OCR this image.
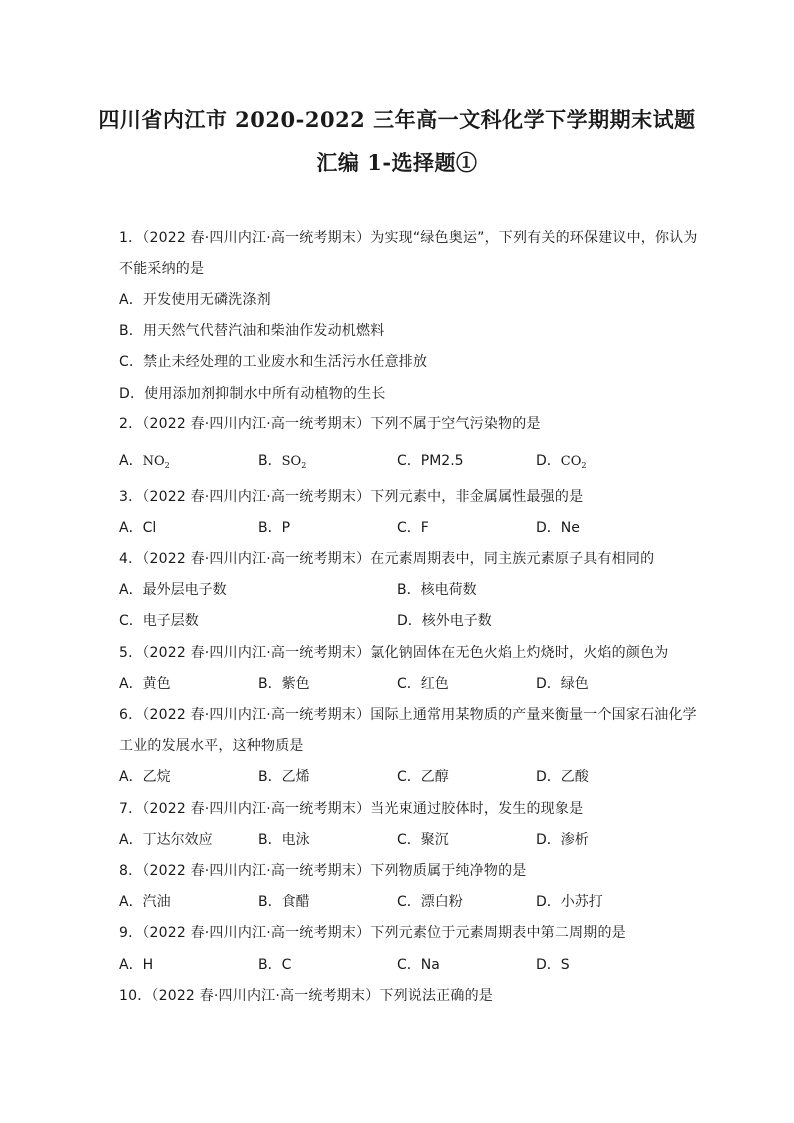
四川省内江市 2020-2022 三年高一文科化学下学期期末试题
汇编 1-选择题①
1．（2022 春·四川内江·高一统考期末）为实现“绿色奥运”，下列有关的环保建议中，你认为
不能采纳的是
A．开发使用无磷洗涤剂
B．用天然气代替汽油和柴油作发动机燃料
C．禁止未经处理的工业废水和生活污水任意排放
D．使用添加剂抑制水中所有动植物的生长
2．（2022 春·四川内江·高一统考期末）下列不属于空气污染物的是
A．$NO_2$	B．$SO_2$	C．PM2.5	D．$CO_2$
3．（2022 春·四川内江·高一统考期末）下列元素中，非金属属性最强的是
A．Cl	B．P	C．F	D．Ne
4．（2022 春·四川内江·高一统考期末）在元素周期表中，同主族元素原子具有相同的
A．最外层电子数	B．核电荷数
C．电子层数	D．核外电子数
5．（2022 春·四川内江·高一统考期末）氯化钠固体在无色火焰上灼烧时，火焰的颜色为
A．黄色	B．紫色	C．红色	D．绿色
6．（2022 春·四川内江·高一统考期末）国际上通常用某物质的产量来衡量一个国家石油化学
工业的发展水平，这种物质是
A．乙烷	B．乙烯	C．乙醇	D．乙酸
7．（2022 春·四川内江·高一统考期末）当光束通过胶体时，发生的现象是
A．丁达尔效应	B．电泳	C．聚沉	D．渗析
8．（2022 春·四川内江·高一统考期末）下列物质属于纯净物的是
A．汽油	B．食醋	C．漂白粉	D．小苏打
9．（2022 春·四川内江·高一统考期末）下列元素位于元素周期表中第二周期的是
A．H	B．C	C．Na	D．S
10．（2022 春·四川内江·高一统考期末）下列说法正确的是
